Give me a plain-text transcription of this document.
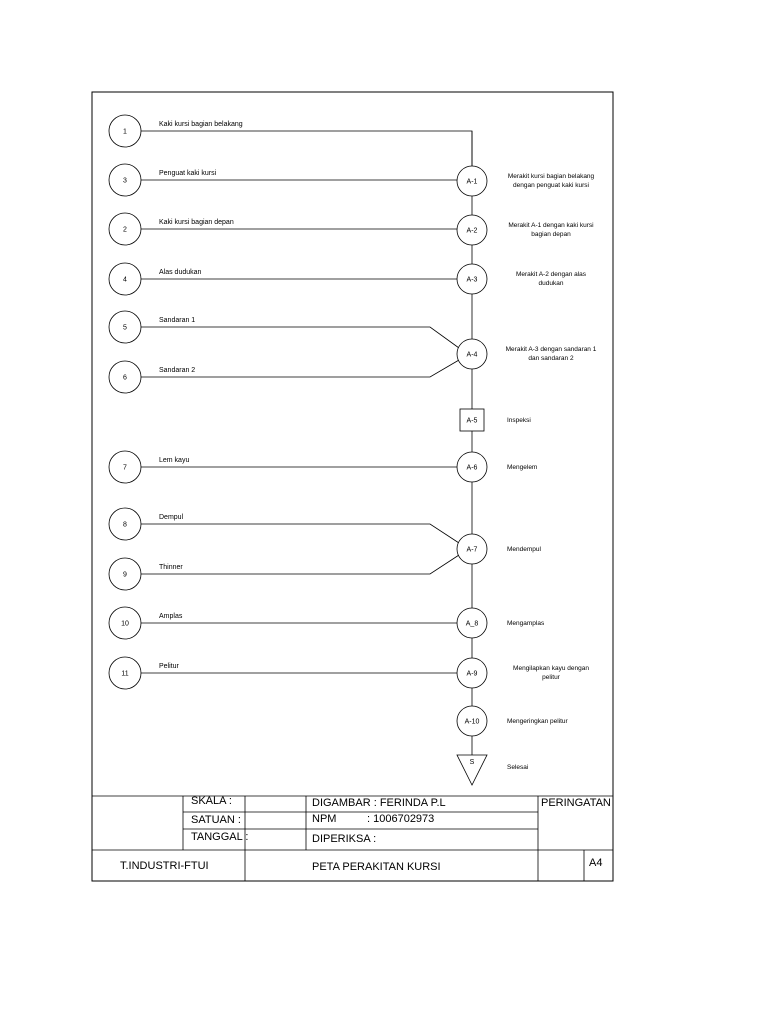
1
Kaki kursi bagian belakang
3
Penguat kaki kursi
2
Kaki kursi bagian depan
4
Alas dudukan
5
Sandaran 1
6
Sandaran 2
7
Lem kayu
8
Dempul
9
Thinner
10
Amplas
11
Pelitur
A-1
Merakit kursi bagian belakang
dengan penguat kaki kursi
A-2
Merakit A-1 dengan kaki kursi
bagian depan
A-3
Merakit A-2 dengan alas
dudukan
A-4
Merakit A-3 dengan sandaran 1
dan sandaran 2
A-5	Inspeksi
A-6	Mengelem
A-7	Mendempul
A_8	Mengamplas
A-9
Mengilapkan kayu dengan
pelitur
A-10	Mengeringkan pelitur
S
Selesai
SKALA :
SATUAN :
TANGGAL :
DIGAMBAR : FERINDA P.L
NPM	: 1006702973
DIPERIKSA :
PERINGATAN
T.INDUSTRI-FTUI	PETA PERAKITAN KURSI	A4
